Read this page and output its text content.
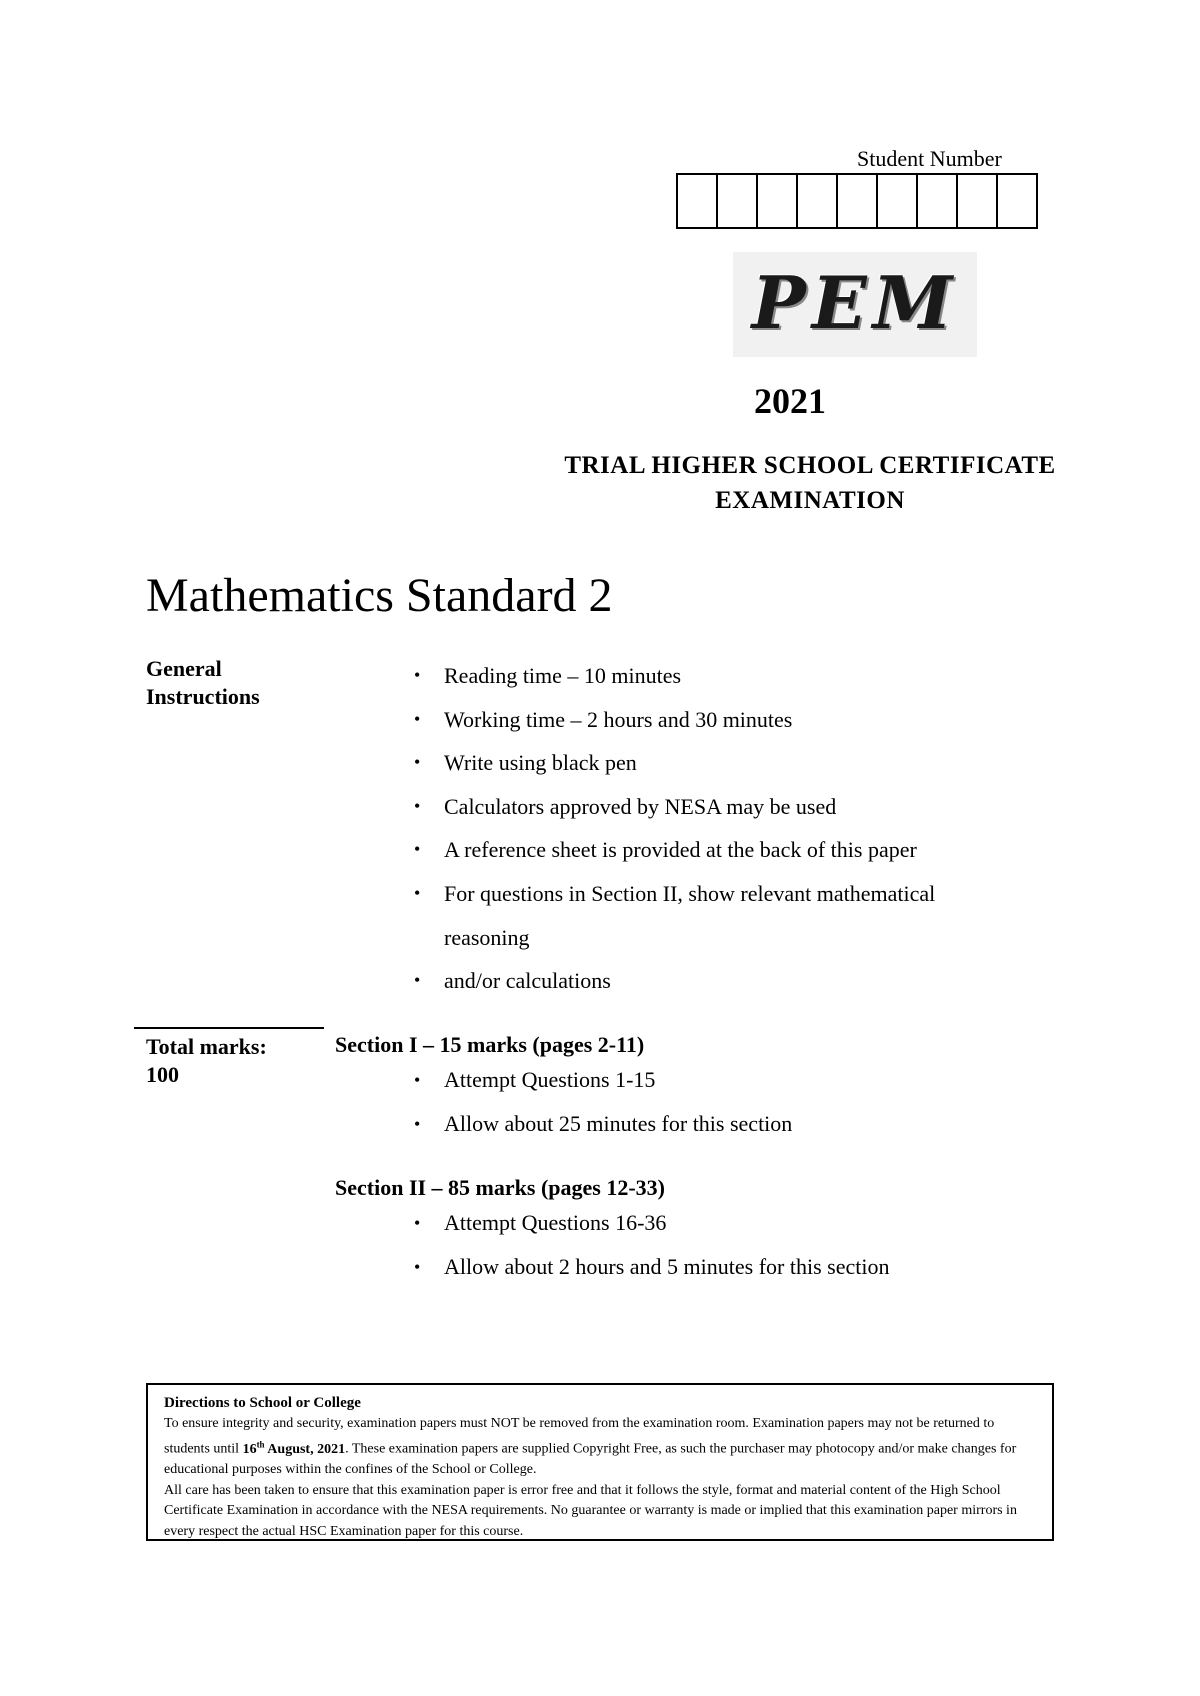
Student Number
PEM
2021
TRIAL HIGHER SCHOOL CERTIFICATE
EXAMINATION
Mathematics Standard 2
General
Instructions
• Reading time – 10 minutes
• Working time – 2 hours and 30 minutes
• Write using black pen
• Calculators approved by NESA may be used
• A reference sheet is provided at the back of this paper
• For questions in Section II, show relevant mathematical
reasoning
• and/or calculations
Total marks:
100
Section I – 15 marks (pages 2-11)
• Attempt Questions 1-15
• Allow about 25 minutes for this section
Section II – 85 marks (pages 12-33)
• Attempt Questions 16-36
• Allow about 2 hours and 5 minutes for this section
Directions to School or College
To ensure integrity and security, examination papers must NOT be removed from the examination room. Examination papers may not be returned to students until 16th August, 2021. These examination papers are supplied Copyright Free, as such the purchaser may photocopy and/or make changes for educational purposes within the confines of the School or College.
All care has been taken to ensure that this examination paper is error free and that it follows the style, format and material content of the High School Certificate Examination in accordance with the NESA requirements. No guarantee or warranty is made or implied that this examination paper mirrors in every respect the actual HSC Examination paper for this course.
